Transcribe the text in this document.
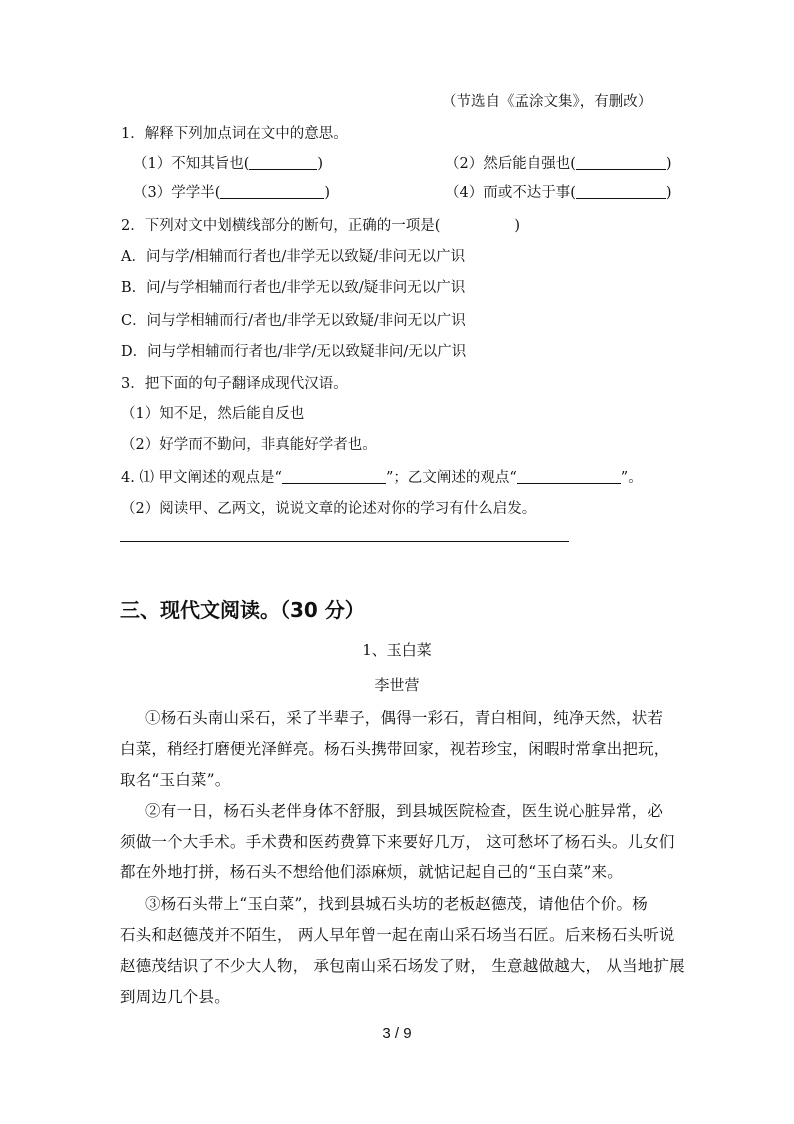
（节选自《孟涂文集》，有删改）
1．解释下列加点词在文中的意思。
（1）不知其旨也(	)	（2）然后能自强也(	)
（3）学学半(	)	（4）而或不达于事(	)
2．下列对文中划横线部分的断句，正确的一项是(	)
A．问与学/相辅而行者也/非学无以致疑/非问无以广识
B．问/与学相辅而行者也/非学无以致/疑非问无以广识
C．问与学相辅而行/者也/非学无以致疑/非问无以广识
D．问与学相辅而行者也/非学/无以致疑非问/无以广识
3．把下面的句子翻译成现代汉语。
（1）知不足，然后能自反也
（2）好学而不勤问，非真能好学者也。
4. ⑴ 甲文阐述的观点是“	”；乙文阐述的观点“	”。
（2）阅读甲、乙两文，说说文章的论述对你的学习有什么启发。
三、现代文阅读。（30 分）
1、玉白菜
李世营
①杨石头南山采石，采了半辈子，偶得一彩石，青白相间，纯净天然，状若
白菜，稍经打磨便光泽鲜亮。杨石头携带回家，视若珍宝，闲暇时常拿出把玩，
取名“玉白菜”。
②有一日，杨石头老伴身体不舒服，到县城医院检查，医生说心脏异常，必
须做一个大手术。手术费和医药费算下来要好几万， 这可愁坏了杨石头。儿女们
都在外地打拼，杨石头不想给他们添麻烦，就惦记起自己的“玉白菜”来。
③杨石头带上“玉白菜”，找到县城石头坊的老板赵德茂，请他估个价。杨
石头和赵德茂并不陌生， 两人早年曾一起在南山采石场当石匠。后来杨石头听说
赵德茂结识了不少大人物， 承包南山采石场发了财， 生意越做越大， 从当地扩展
到周边几个县。
3 / 9
